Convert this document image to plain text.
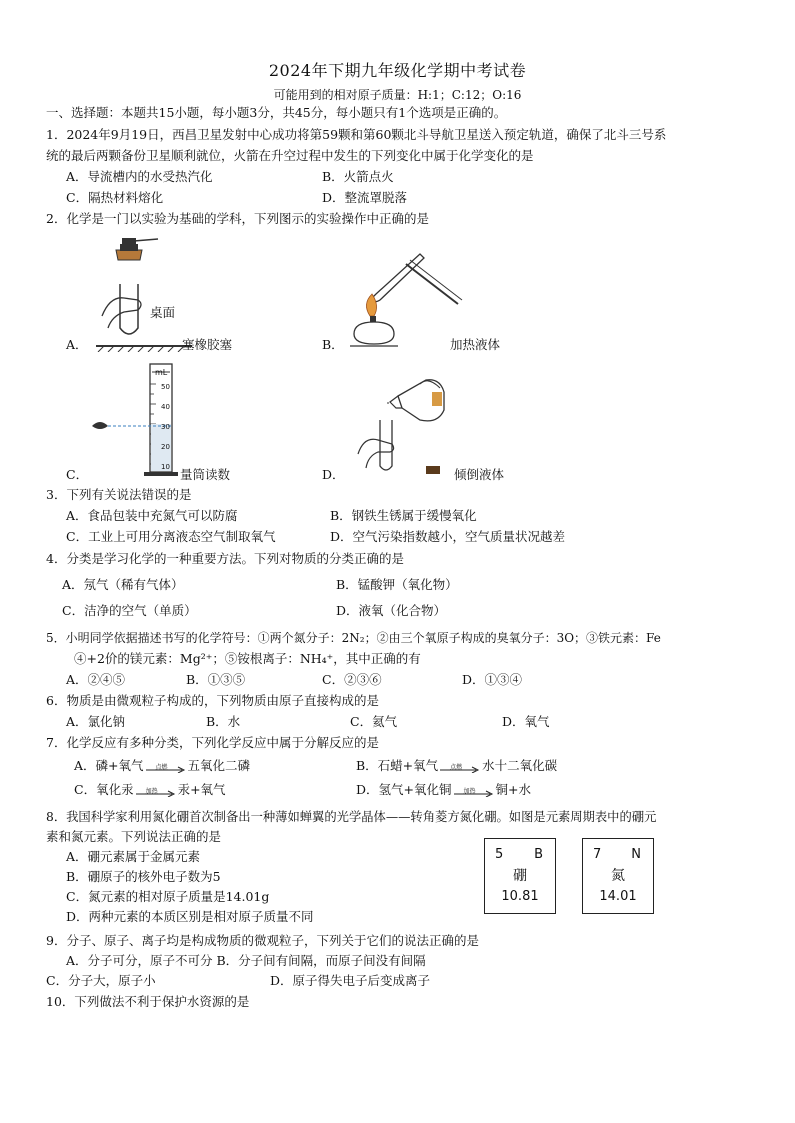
2024年下期九年级化学期中考试卷
可能用到的相对原子质量：H:1；C:12；O:16
一、选择题：本题共15小题，每小题3分，共45分，每小题只有1个选项是正确的。
1．2024年9月19日，西昌卫星发射中心成功将第59颗和第60颗北斗导航卫星送入预定轨道，确保了北斗三号系
统的最后两颗备份卫星顺利就位，火箭在升空过程中发生的下列变化中属于化学变化的是
A．导流槽内的水受热汽化	B．火箭点火
C．隔热材料熔化	D．整流罩脱落
2．化学是一门以实验为基础的学科，下列图示的实验操作中正确的是
A．
桌面
塞橡胶塞	B．	加热液体
C．
mL
50
40
30
20
10 量筒读数	D．	倾倒液体
3．下列有关说法错误的是
A．食品包装中充氮气可以防腐	B．钢铁生锈属于缓慢氧化
C．工业上可用分离液态空气制取氧气	D．空气污染指数越小，空气质量状况越差
4．分类是学习化学的一种重要方法。下列对物质的分类正确的是
A．氖气（稀有气体）	B．锰酸钾（氧化物）
C．洁净的空气（单质）	D．液氧（化合物）
5．小明同学依据描述书写的化学符号：①两个氮分子：2N₂；②由三个氧原子构成的臭氧分子：3O；③铁元素：Fe
④+2价的镁元素：Mg²⁺；⑤铵根离子：NH₄⁺，其中正确的有
A．②④⑤	B．①③⑤	C．②③⑥	D．①③④
6．物质是由微观粒子构成的，下列物质由原子直接构成的是
A．氯化钠	B．水	C．氦气	D．氧气
7．化学反应有多种分类，下列化学反应中属于分解反应的是
A．磷+氧气 点燃 五氧化二磷	B．石蜡+氧气 点燃 水十二氧化碳
C．氧化汞 加热 汞+氧气	D．氢气+氧化铜 加热 铜+水
8．我国科学家利用氮化硼首次制备出一种薄如蝉翼的光学晶体——转角菱方氮化硼。如图是元素周期表中的硼元
素和氮元素。下列说法正确的是
A．硼元素属于金属元素
B．硼原子的核外电子数为5
C．氮元素的相对原子质量是14.01g
D．两种元素的本质区别是相对原子质量不同
5 B
硼
10.81
7 N
氮
14.01
9．分子、原子、离子均是构成物质的微观粒子，下列关于它们的说法正确的是
A．分子可分，原子不可分 B．分子间有间隔，而原子间没有间隔
C．分子大，原子小	D．原子得失电子后变成离子
10．下列做法不利于保护水资源的是
